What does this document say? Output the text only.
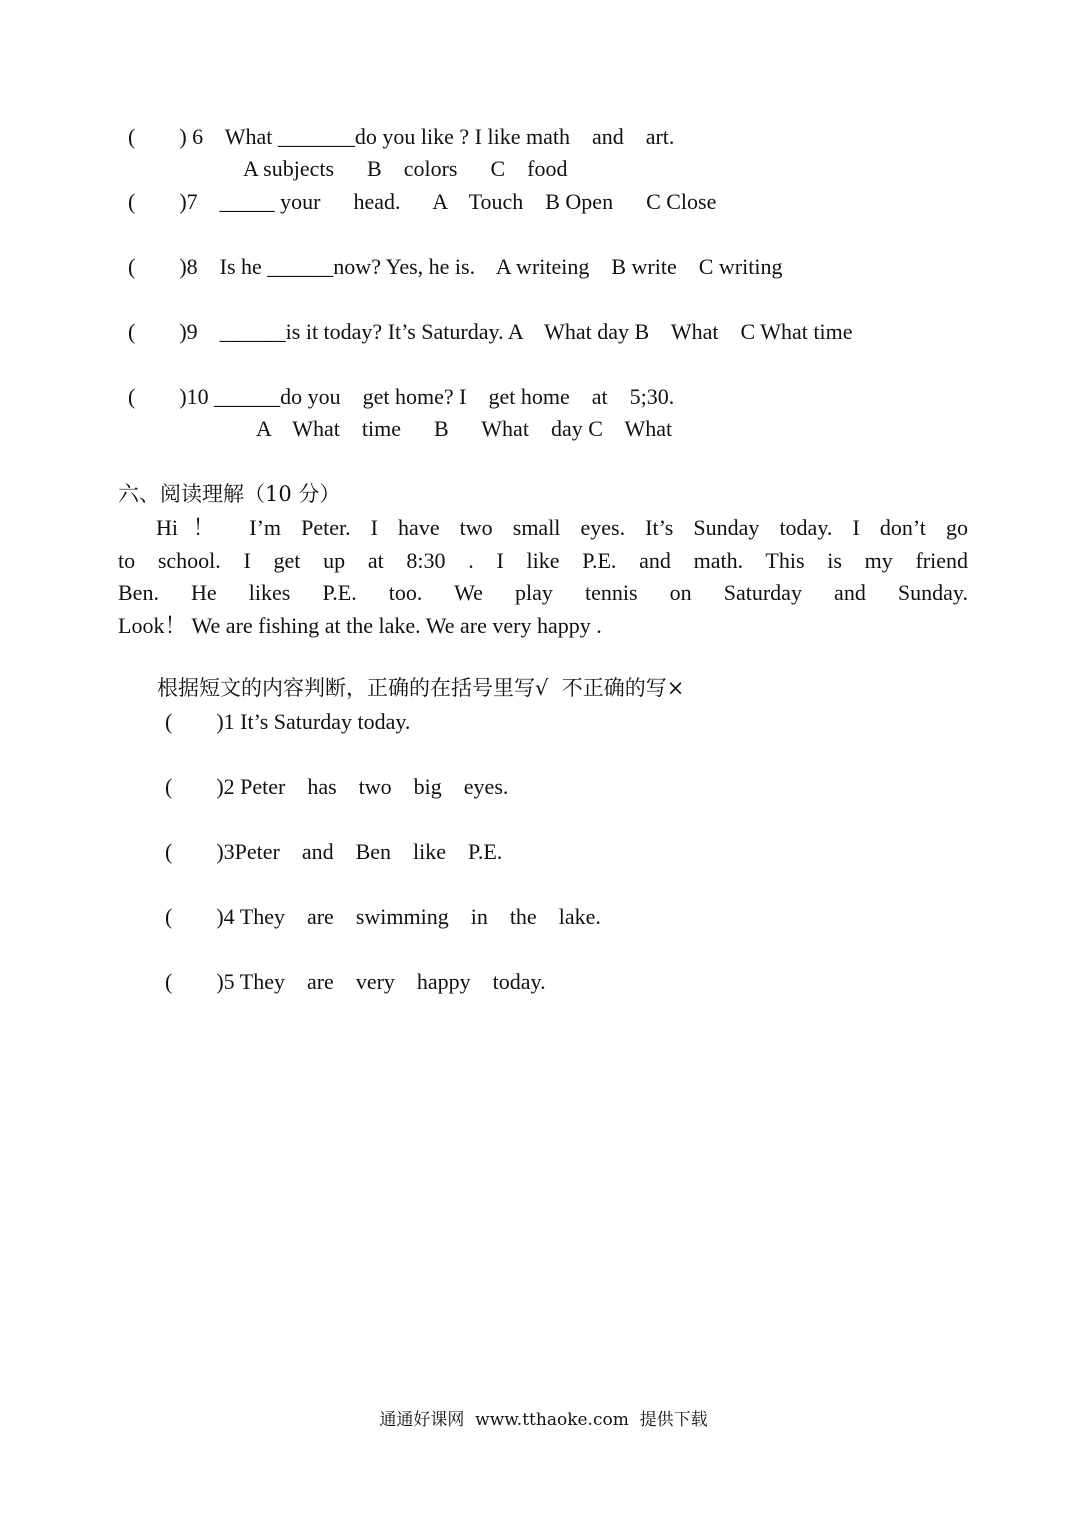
(        ) 6    What _______do you like ? I like math    and    art.
A subjects      B    colors      C    food
(        )7    _____ your      head.      A    Touch    B Open      C Close
(        )8    Is he ______now? Yes, he is.    A writeing    B write    C writing
(        )9    ______is it today? It’s Saturday. A    What day B    What    C What time
(        )10 ______do you    get home? I    get home    at    5;30.
A    What    time      B      What    day C    What
六、阅读理解（10 分）
Hi！ I’m Peter. I have two small eyes. It’s Sunday today. I don’t go
to school. I get up at 8:30 . I like P.E. and math. This is my friend
Ben. He likes P.E. too. We play tennis on Saturday and Sunday.
Look！ We are fishing at the lake. We are very happy .
根据短文的内容判断，正确的在括号里写√  不正确的写×
(        )1 It’s Saturday today.
(        )2 Peter    has    two    big    eyes.
(        )3Peter    and    Ben    like    P.E.
(        )4 They    are    swimming    in    the    lake.
(        )5 They    are    very    happy    today.
通通好课网  www.tthaoke.com  提供下载
